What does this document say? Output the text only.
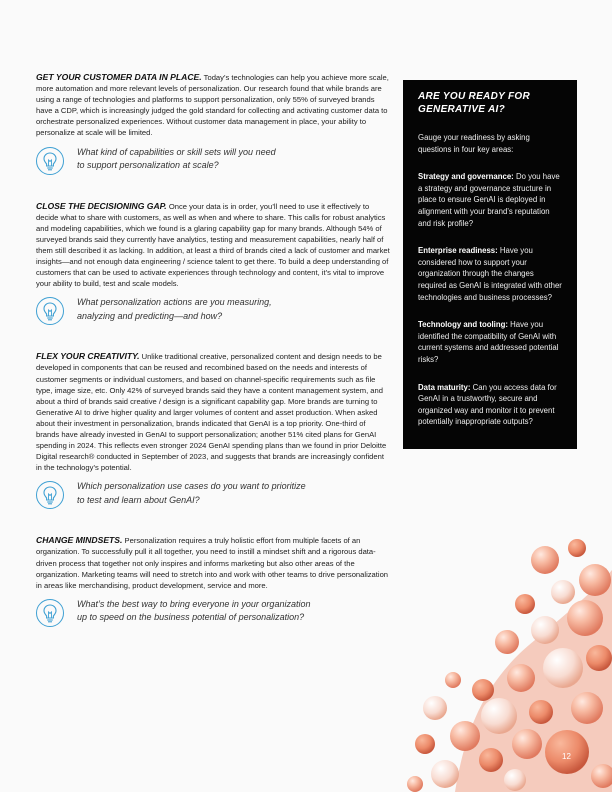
GET YOUR CUSTOMER DATA IN PLACE. Today’s technologies can help you achieve more scale, more automation and more relevant levels of personalization. Our research found that while brands are using a range of technologies and platforms to support personalization, only 55% of surveyed brands have a CDP, which is increasingly judged the gold standard for collecting and activating customer data to orchestrate personalized experiences. Without customer data management in place, your ability to personalize at scale will be limited.

What kind of capabilities or skill sets will you need
to support personalization at scale?

CLOSE THE DECISIONING GAP. Once your data is in order, you’ll need to use it effectively to decide what to share with customers, as well as when and where to share. This calls for robust analytics and modeling capabilities, which we found is a glaring capability gap for many brands. Although 54% of surveyed brands said they currently have analytics, testing and measurement capabilities, nearly half of them still described it as lacking. In addition, at least a third of brands cited a lack of customer and market insights—and not enough data engineering / science talent to get there. To build a deep understanding of customers that can be used to activate experiences through technology and content, it’s vital to improve your ability to build, test and scale models.

What personalization actions are you measuring,
analyzing and predicting—and how?

FLEX YOUR CREATIVITY. Unlike traditional creative, personalized content and design needs to be developed in components that can be reused and recombined based on the needs and interests of customer segments or individual customers, and based on channel-specific requirements such as file type, image size, etc. Only 42% of surveyed brands said they have a content management system, and about a third of brands said creative / design is a significant capability gap. More brands are turning to Generative AI to drive higher quality and larger volumes of content and asset production. When asked about their investment in personalization, brands indicated that GenAI is a top priority. One-third of brands have already invested in GenAI to support personalization; another 51% cited plans for GenAI spending in 2024. This reflects even stronger 2024 GenAI spending plans than we found in prior Deloitte Digital research® conducted in September of 2023, and suggests that brands are increasingly confident in the technology’s potential.

Which personalization use cases do you want to prioritize
to test and learn about GenAI?

CHANGE MINDSETS. Personalization requires a truly holistic effort from multiple facets of an organization. To successfully pull it all together, you need to instill a mindset shift and a rigorous data-driven process that together not only inspires and informs marketing but also other areas of the organization. Marketing teams will need to stretch into and work with other teams to drive personalization in areas like merchandising, product development, service and more.

What’s the best way to bring everyone in your organization
up to speed on the business potential of personalization?
ARE YOU READY FOR
GENERATIVE AI?

Gauge your readiness by asking questions in four key areas:

Strategy and governance: Do you have a strategy and governance structure in place to ensure GenAI is deployed in alignment with your brand’s reputation and risk profile?

Enterprise readiness: Have you considered how to support your organization through the changes required as GenAI is integrated with other technologies and business processes?

Technology and tooling: Have you identified the compatibility of GenAI with current systems and addressed potential risks?

Data maturity: Can you access data for GenAI in a trustworthy, secure and organized way and monitor it to prevent potentially inappropriate outputs?

12
